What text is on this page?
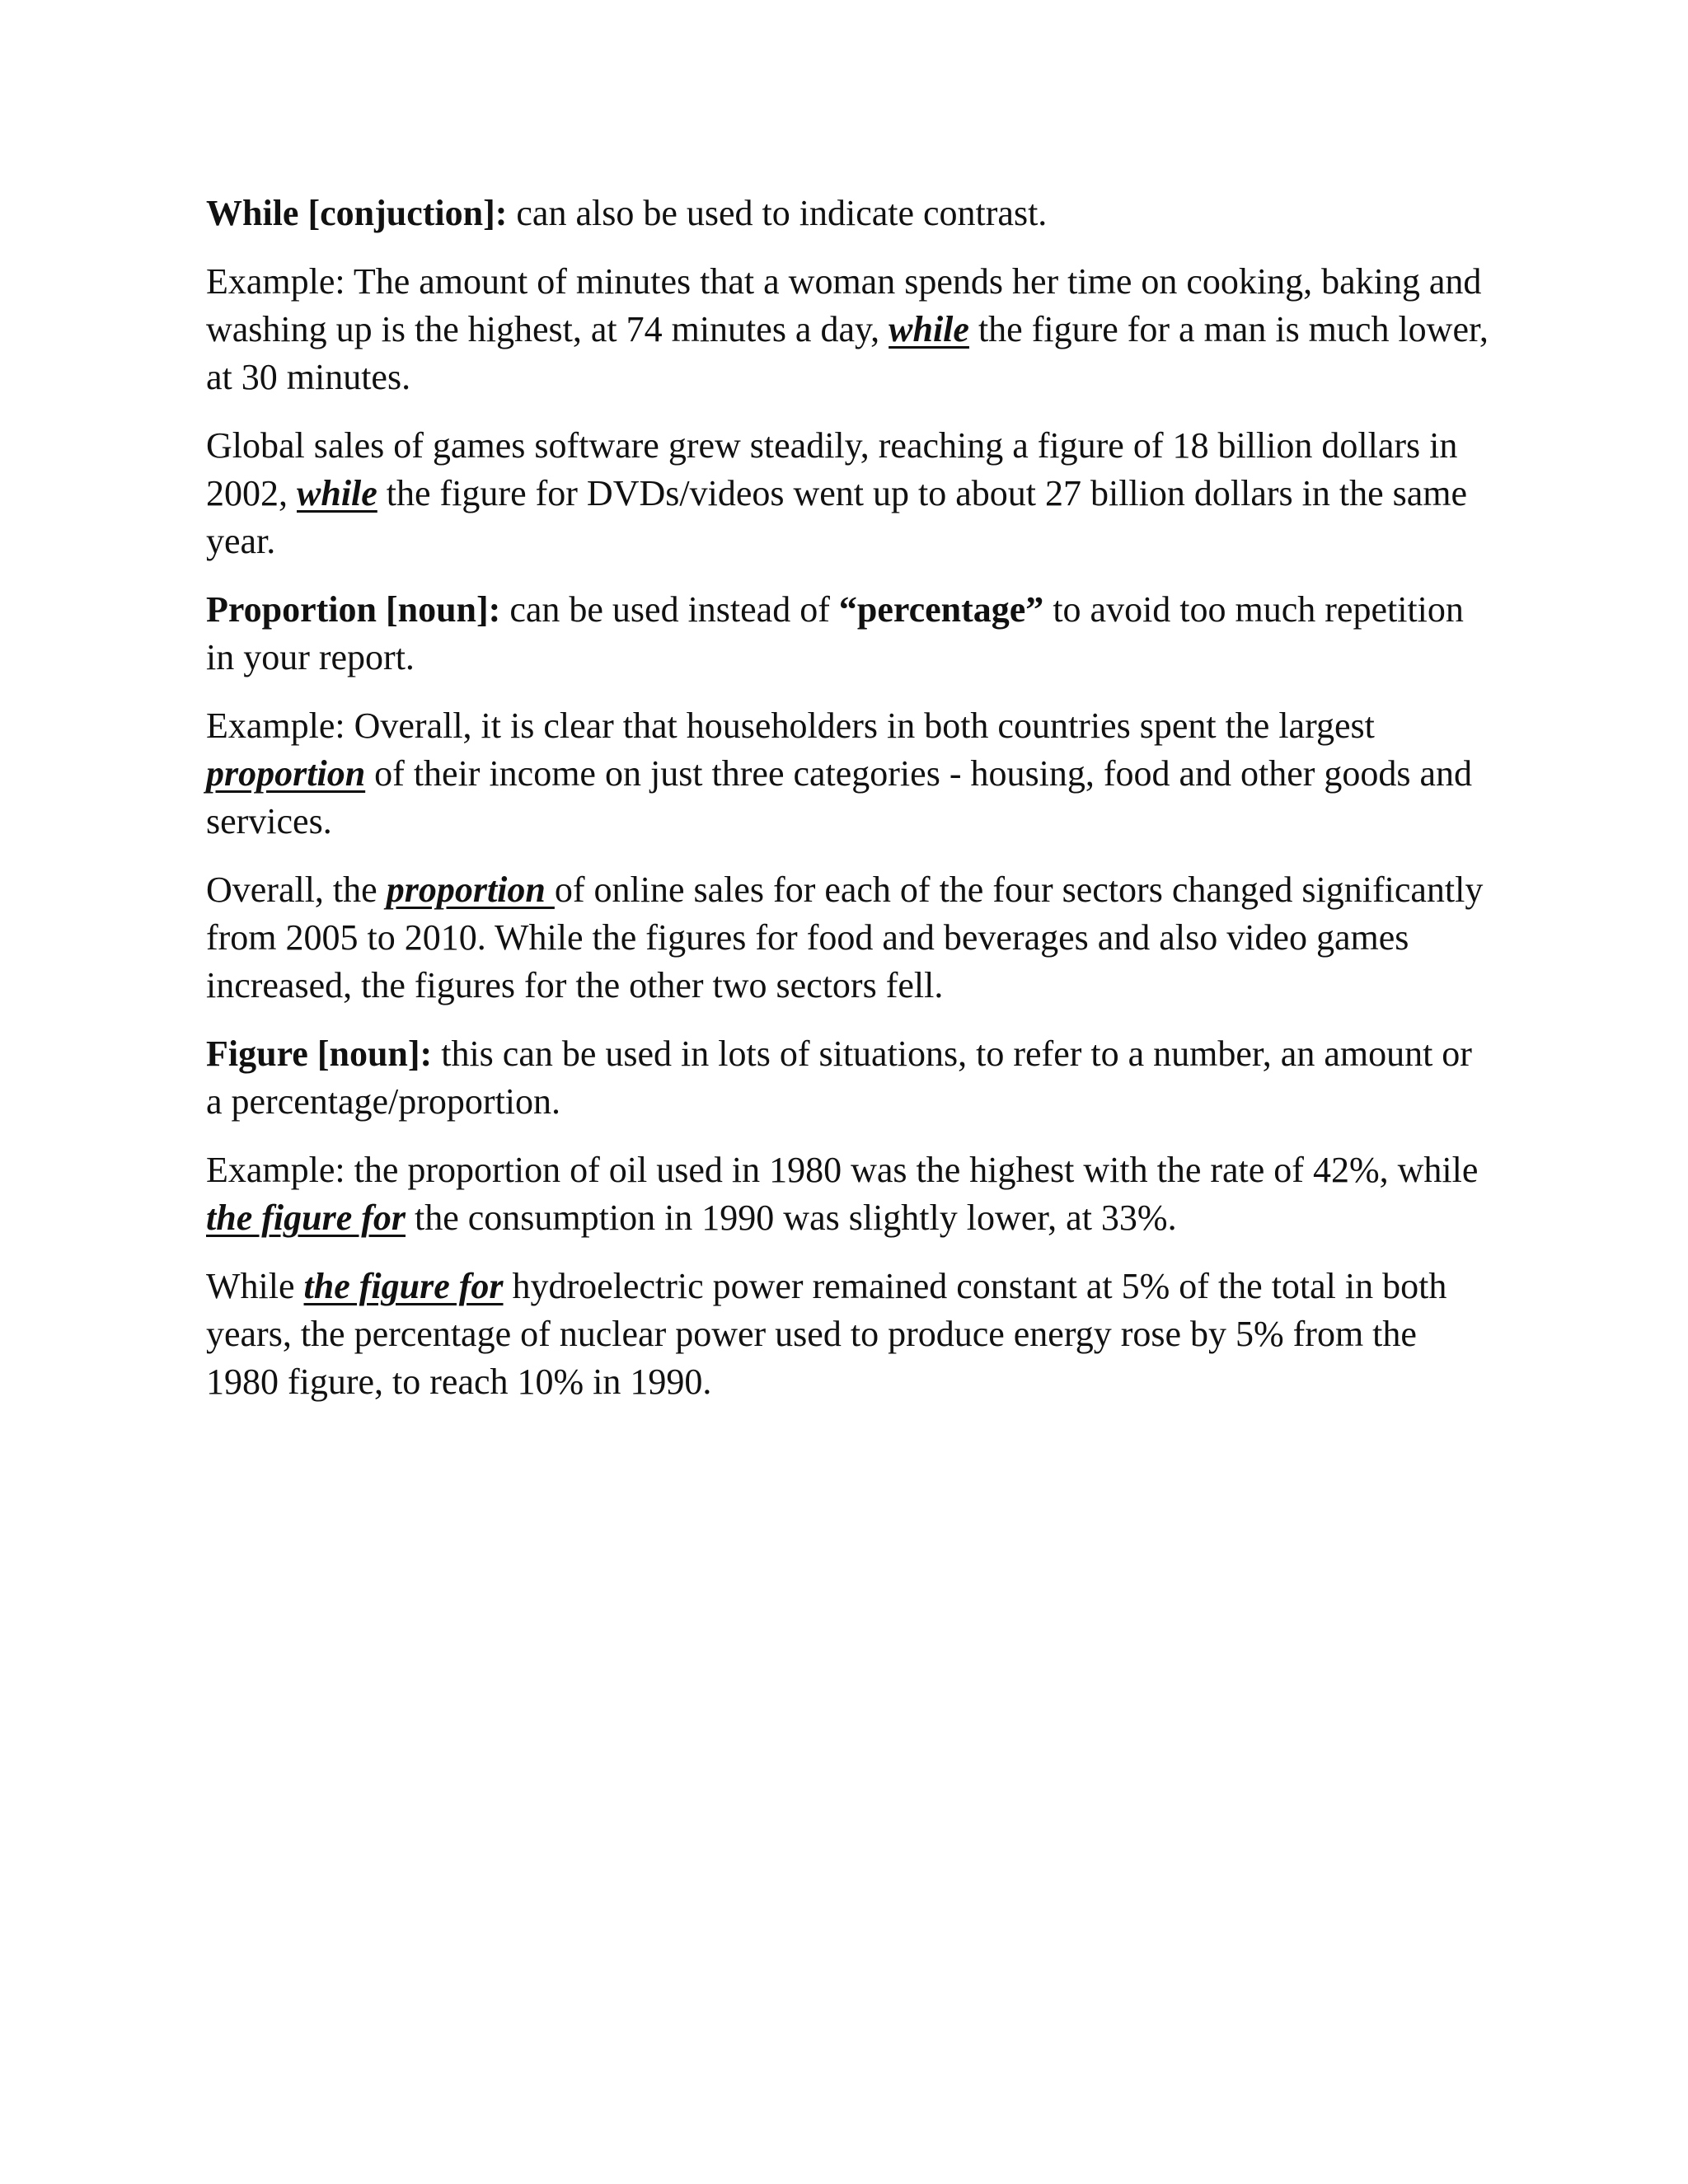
While [conjuction]: can also be used to indicate contrast.

Example: The amount of minutes that a woman spends her time on cooking, baking and washing up is the highest, at 74 minutes a day, while the figure for a man is much lower, at 30 minutes.

Global sales of games software grew steadily, reaching a figure of 18 billion dollars in 2002, while the figure for DVDs/videos went up to about 27 billion dollars in the same year.

Proportion [noun]: can be used instead of “percentage” to avoid too much repetition in your report.

Example: Overall, it is clear that householders in both countries spent the largest proportion of their income on just three categories - housing, food and other goods and services.

Overall, the proportion of online sales for each of the four sectors changed significantly from 2005 to 2010. While the figures for food and beverages and also video games increased, the figures for the other two sectors fell.

Figure [noun]: this can be used in lots of situations, to refer to a number, an amount or a percentage/proportion.

Example: the proportion of oil used in 1980 was the highest with the rate of 42%, while the figure for the consumption in 1990 was slightly lower, at 33%.

While the figure for hydroelectric power remained constant at 5% of the total in both years, the percentage of nuclear power used to produce energy rose by 5% from the 1980 figure, to reach 10% in 1990.
